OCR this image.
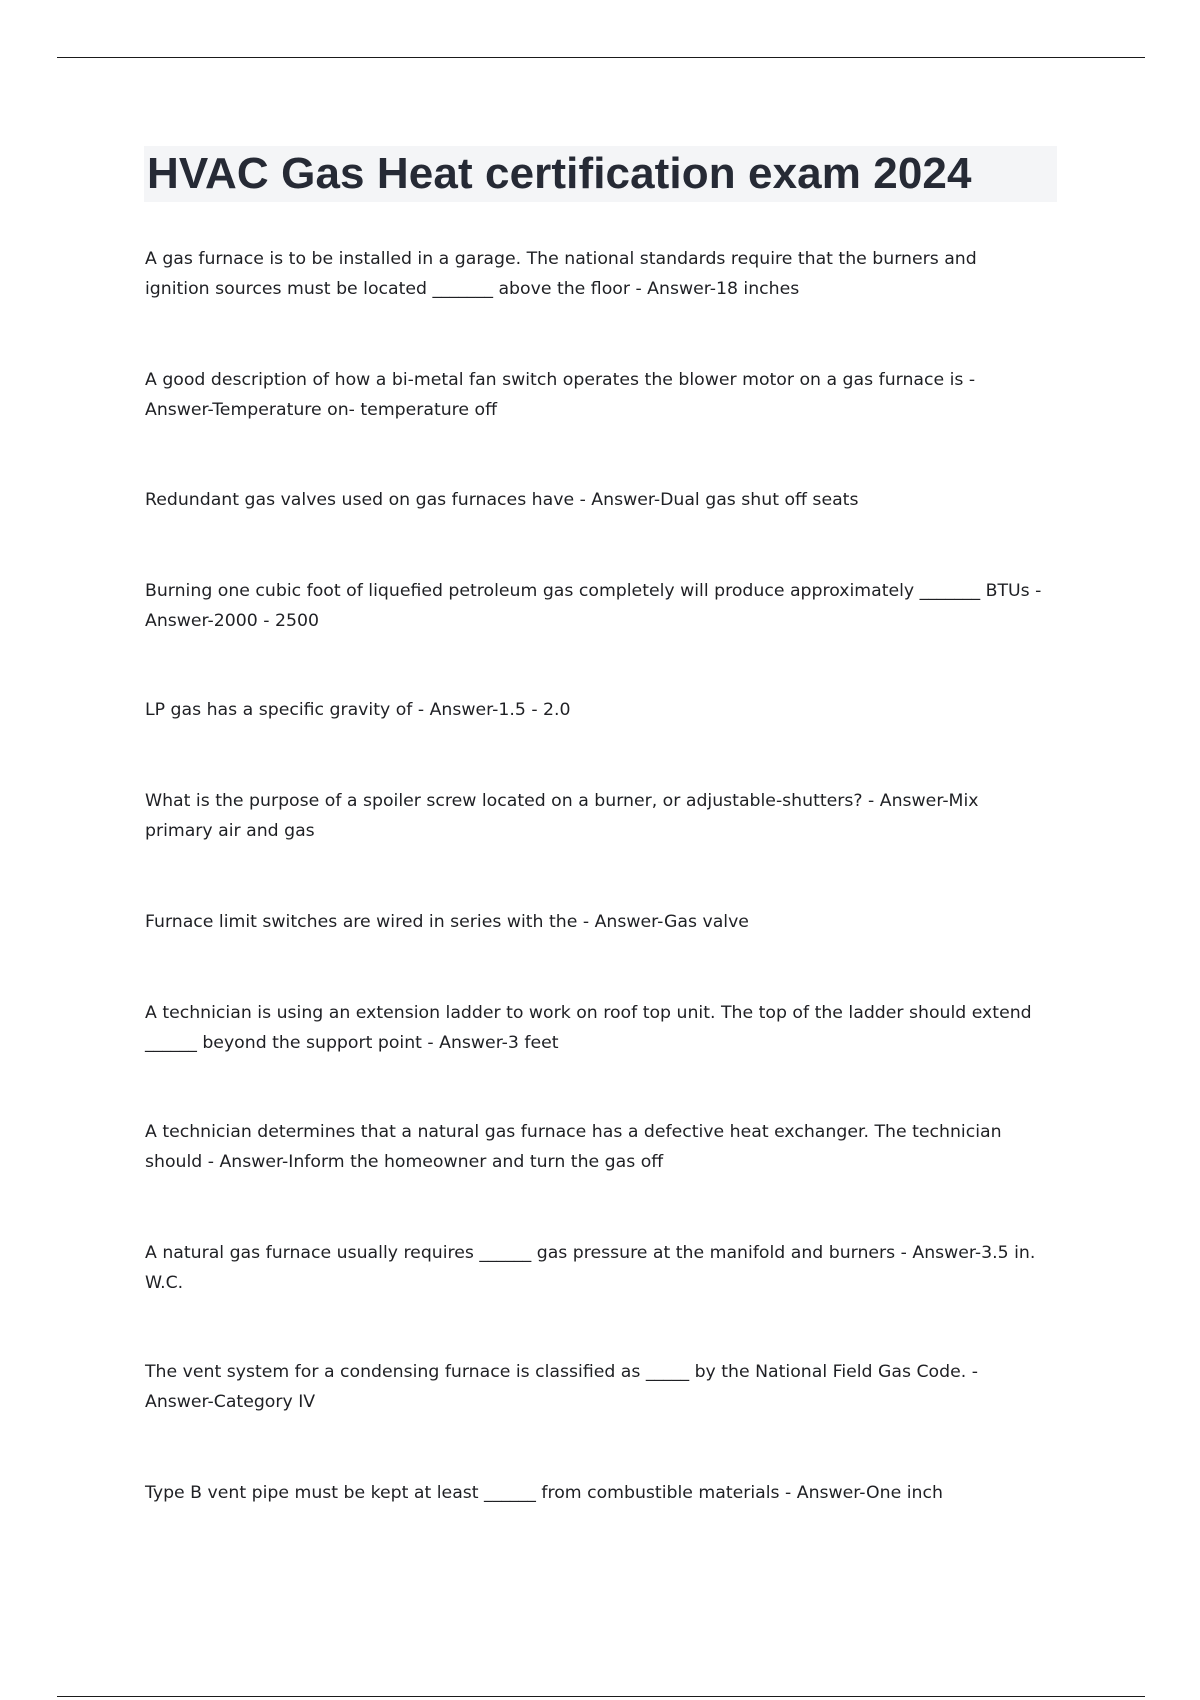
HVAC Gas Heat certification exam 2024
A gas furnace is to be installed in a garage. The national standards require that the burners and ignition sources must be located _______ above the floor - Answer-18 inches
A good description of how a bi-metal fan switch operates the blower motor on a gas furnace is - Answer-Temperature on- temperature off
Redundant gas valves used on gas furnaces have - Answer-Dual gas shut off seats
Burning one cubic foot of liquefied petroleum gas completely will produce approximately _______ BTUs - Answer-2000 - 2500
LP gas has a specific gravity of - Answer-1.5 - 2.0
What is the purpose of a spoiler screw located on a burner, or adjustable-shutters? - Answer-Mix primary air and gas
Furnace limit switches are wired in series with the - Answer-Gas valve
A technician is using an extension ladder to work on roof top unit. The top of the ladder should extend ______ beyond the support point - Answer-3 feet
A technician determines that a natural gas furnace has a defective heat exchanger. The technician should - Answer-Inform the homeowner and turn the gas off
A natural gas furnace usually requires ______ gas pressure at the manifold and burners - Answer-3.5 in. W.C.
The vent system for a condensing furnace is classified as _____ by the National Field Gas Code. - Answer-Category IV
Type B vent pipe must be kept at least ______ from combustible materials - Answer-One inch
